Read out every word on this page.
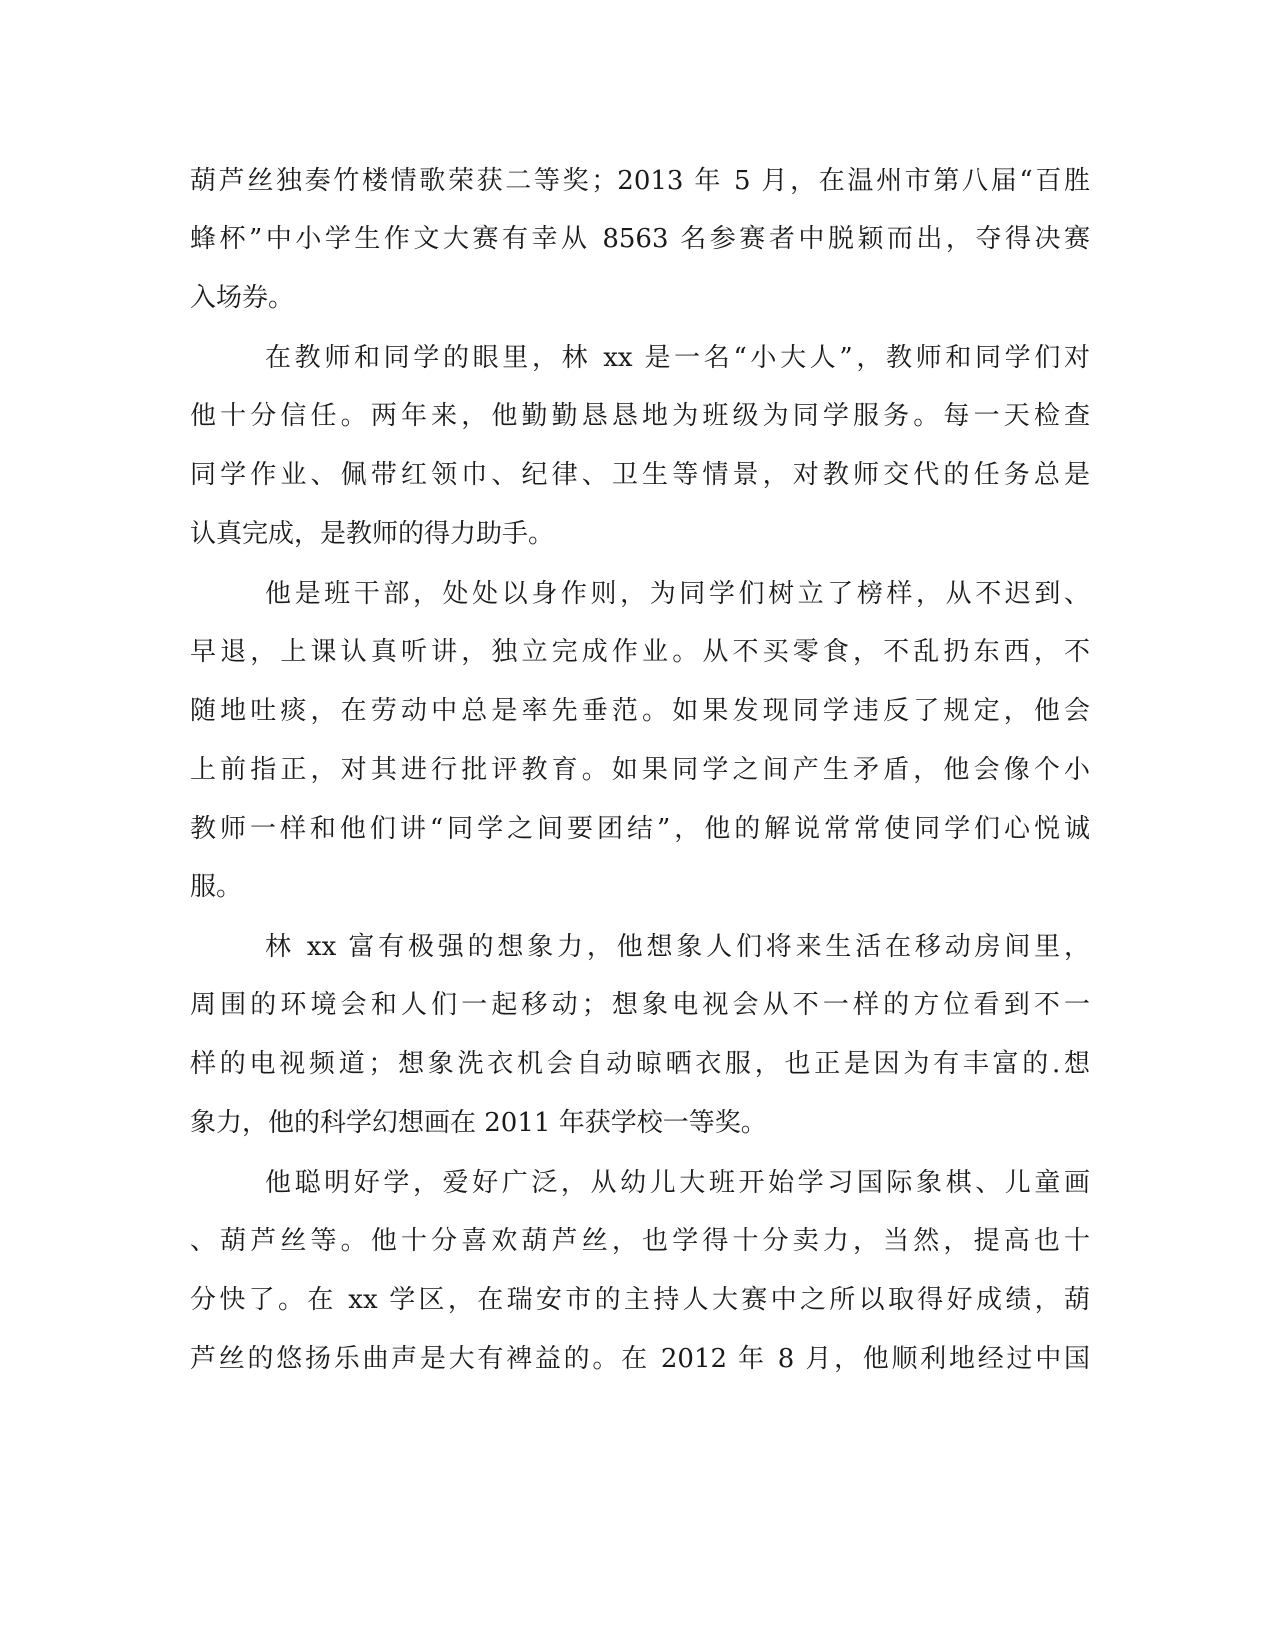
葫芦丝独奏竹楼情歌荣获二等奖；2013 年 5 月，在温州市第八届“百胜
蜂杯”中小学生作文大赛有幸从 8563 名参赛者中脱颖而出，夺得决赛
入场券。
在教师和同学的眼里，林 xx 是一名“小大人”，教师和同学们对
他十分信任。两年来，他勤勤恳恳地为班级为同学服务。每一天检查
同学作业、佩带红领巾、纪律、卫生等情景，对教师交代的任务总是
认真完成，是教师的得力助手。
他是班干部，处处以身作则，为同学们树立了榜样，从不迟到、
早退，上课认真听讲，独立完成作业。从不买零食，不乱扔东西，不
随地吐痰，在劳动中总是率先垂范。如果发现同学违反了规定，他会
上前指正，对其进行批评教育。如果同学之间产生矛盾，他会像个小
教师一样和他们讲“同学之间要团结”，他的解说常常使同学们心悦诚
服。
林 xx 富有极强的想象力，他想象人们将来生活在移动房间里，
周围的环境会和人们一起移动；想象电视会从不一样的方位看到不一
样的电视频道；想象洗衣机会自动晾晒衣服，也正是因为有丰富的.想
象力，他的科学幻想画在 2011 年获学校一等奖。
他聪明好学，爱好广泛，从幼儿大班开始学习国际象棋、儿童画
、葫芦丝等。他十分喜欢葫芦丝，也学得十分卖力，当然，提高也十
分快了。在 xx 学区，在瑞安市的主持人大赛中之所以取得好成绩，葫
芦丝的悠扬乐曲声是大有裨益的。在 2012 年 8 月，他顺利地经过中国
